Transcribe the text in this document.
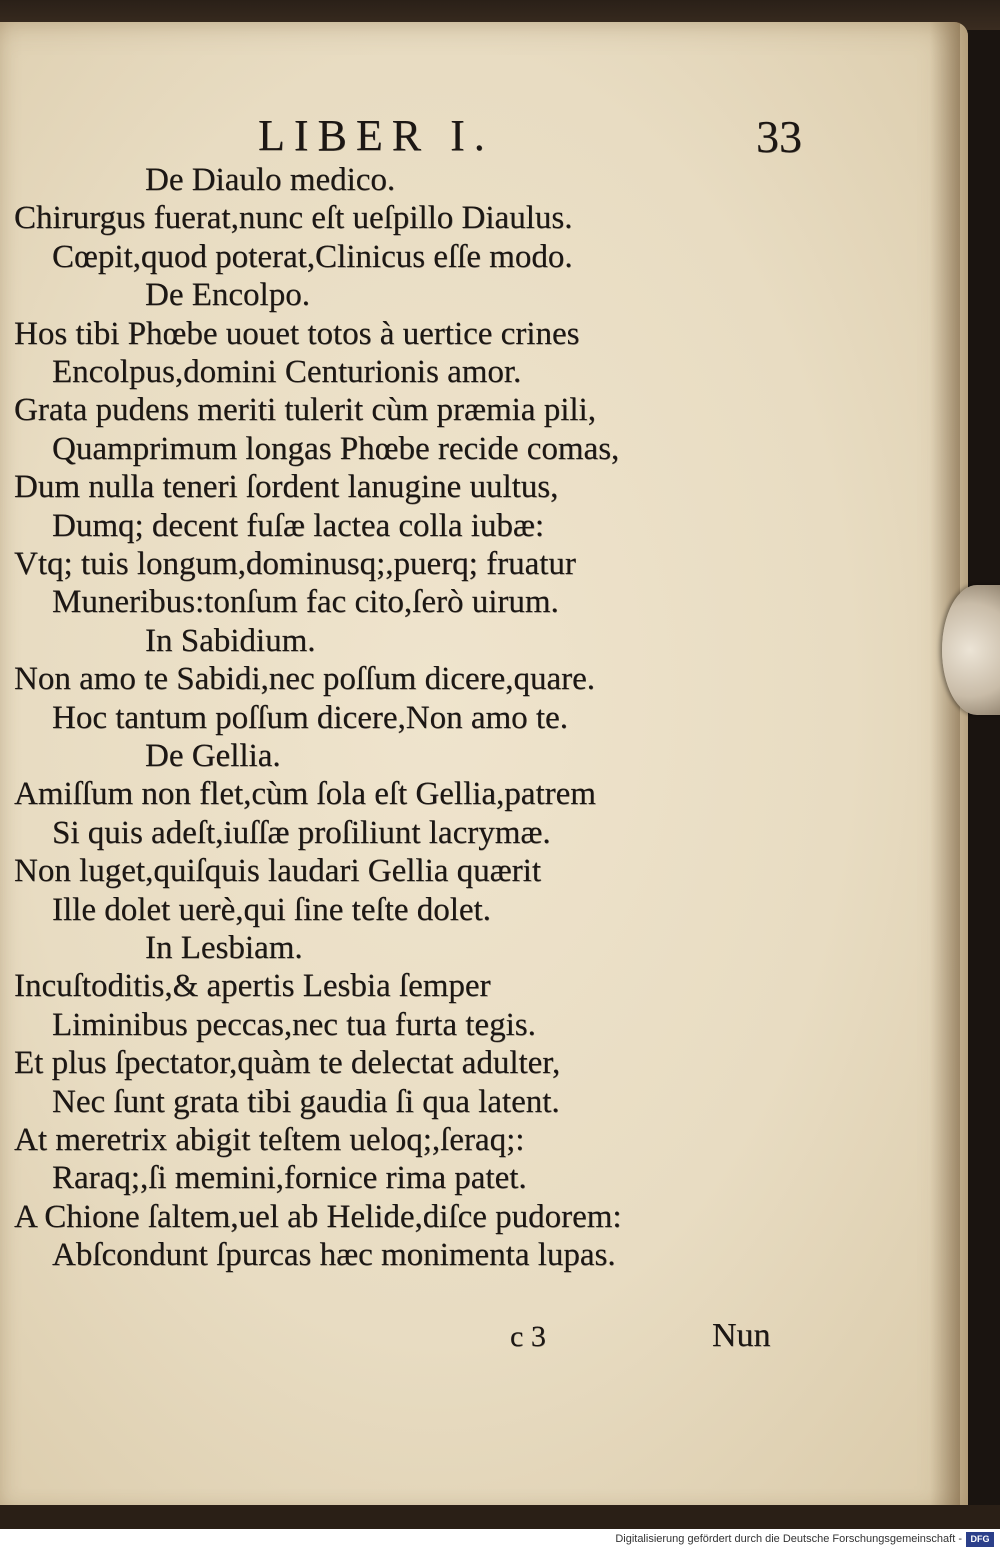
LIBER I.	33
De Diaulo medico.
Chirurgus fuerat,nunc eſt ueſpillo Diaulus.
Cœpit,quod poterat,Clinicus eſſe modo.
De Encolpo.
Hos tibi Phœbe uouet totos à uertice crines
Encolpus,domini Centurionis amor.
Grata pudens meriti tulerit cùm præmia pili,
Quamprimum longas Phœbe recide comas,
Dum nulla teneri ſordent lanugine uultus,
Dumq; decent fuſæ lactea colla iubæ:
Vtq; tuis longum,dominusq;,puerq; fruatur
Muneribus:tonſum fac cito,ſerò uirum.
In Sabidium.
Non amo te Sabidi,nec poſſum dicere,quare.
Hoc tantum poſſum dicere,Non amo te.
De Gellia.
Amiſſum non flet,cùm ſola eſt Gellia,patrem
Si quis adeſt,iuſſæ proſiliunt lacrymæ.
Non luget,quiſquis laudari Gellia quærit
Ille dolet uerè,qui ſine teſte dolet.
In Lesbiam.
Incuſtoditis,& apertis Lesbia ſemper
Liminibus peccas,nec tua furta tegis.
Et plus ſpectator,quàm te delectat adulter,
Nec ſunt grata tibi gaudia ſi qua latent.
At meretrix abigit teſtem ueloq;,ſeraq;:
Raraq;,ſi memini,fornice rima patet.
A Chione ſaltem,uel ab Helide,diſce pudorem:
Abſcondunt ſpurcas hæc monimenta lupas.
c 3	Nun
Digitalisierung gefördert durch die Deutsche Forschungsgemeinschaft - DFG
